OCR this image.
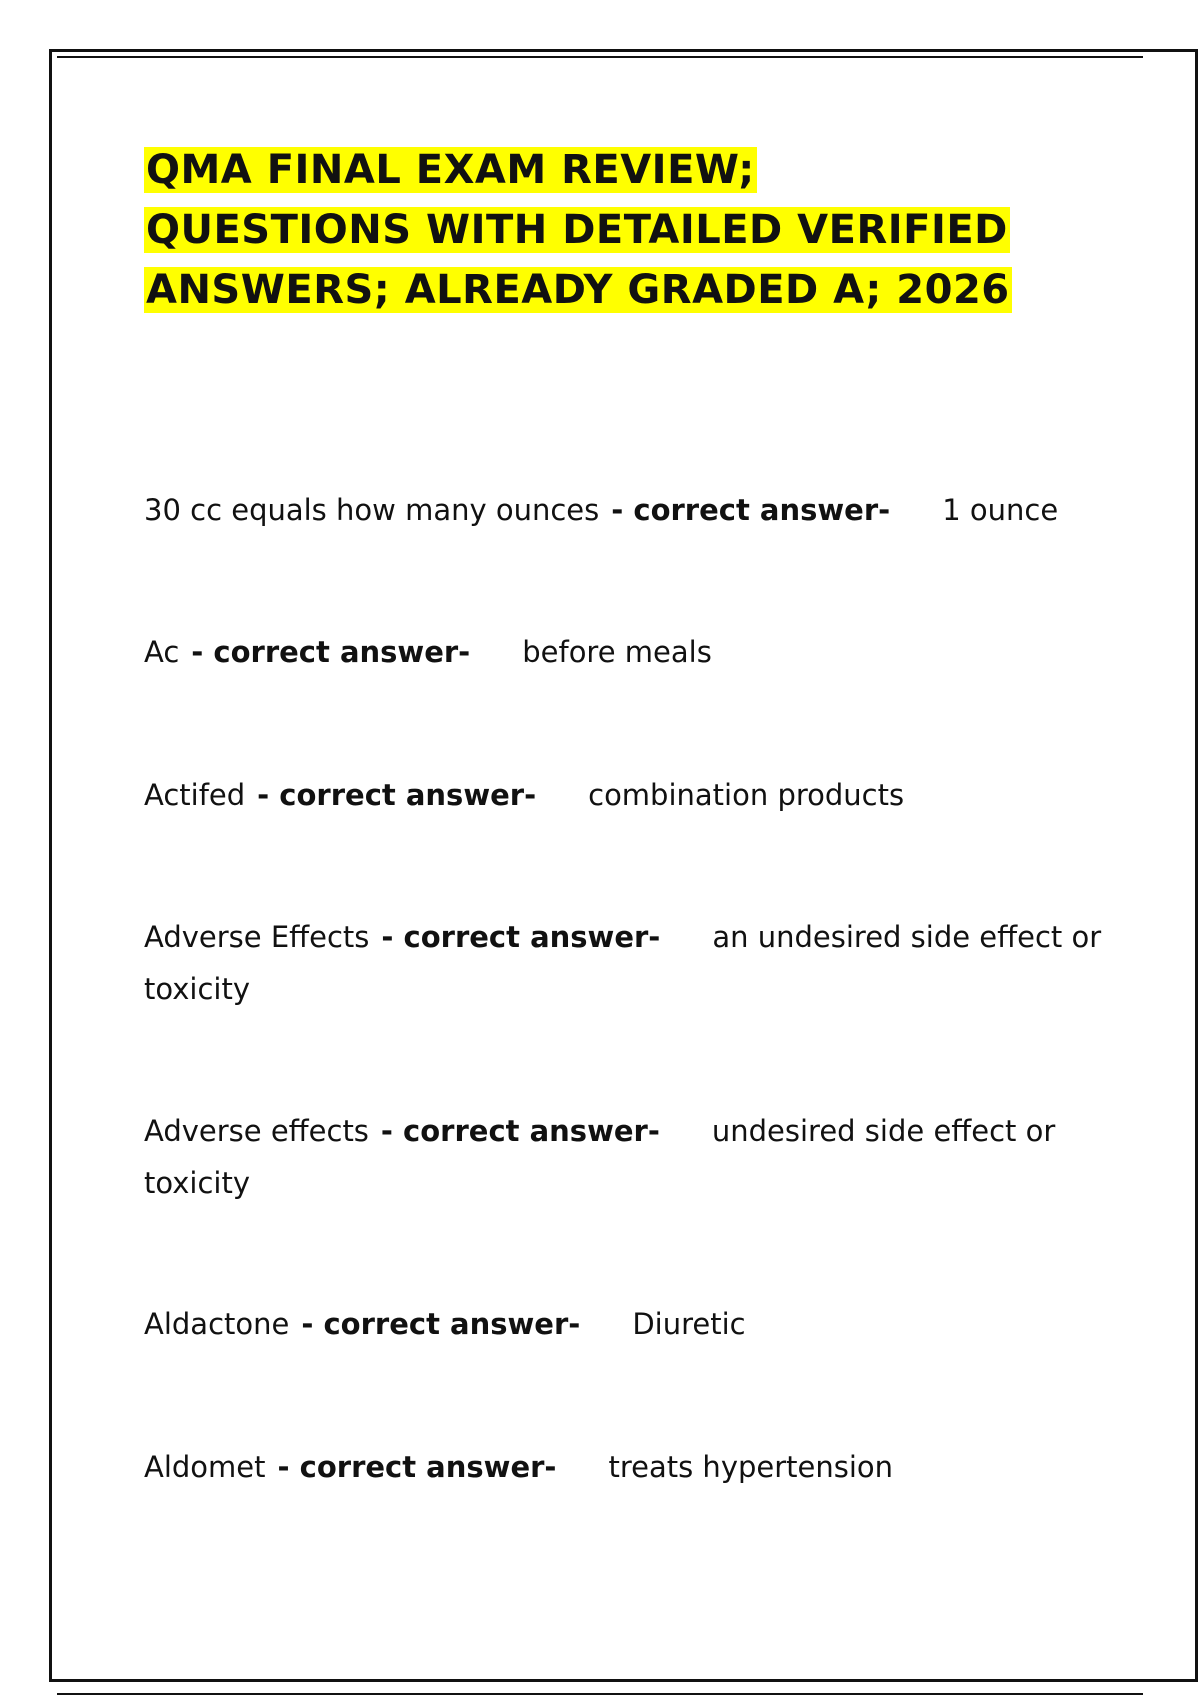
QMA FINAL EXAM REVIEW;
QUESTIONS WITH DETAILED VERIFIED
ANSWERS; ALREADY GRADED A; 2026

30 cc equals how many ounces - correct answer- 1 ounce

Ac - correct answer- before meals

Actifed - correct answer- combination products

Adverse Effects - correct answer- an undesired side effect or toxicity

Adverse effects - correct answer- undesired side effect or toxicity

Aldactone - correct answer- Diuretic

Aldomet - correct answer- treats hypertension
